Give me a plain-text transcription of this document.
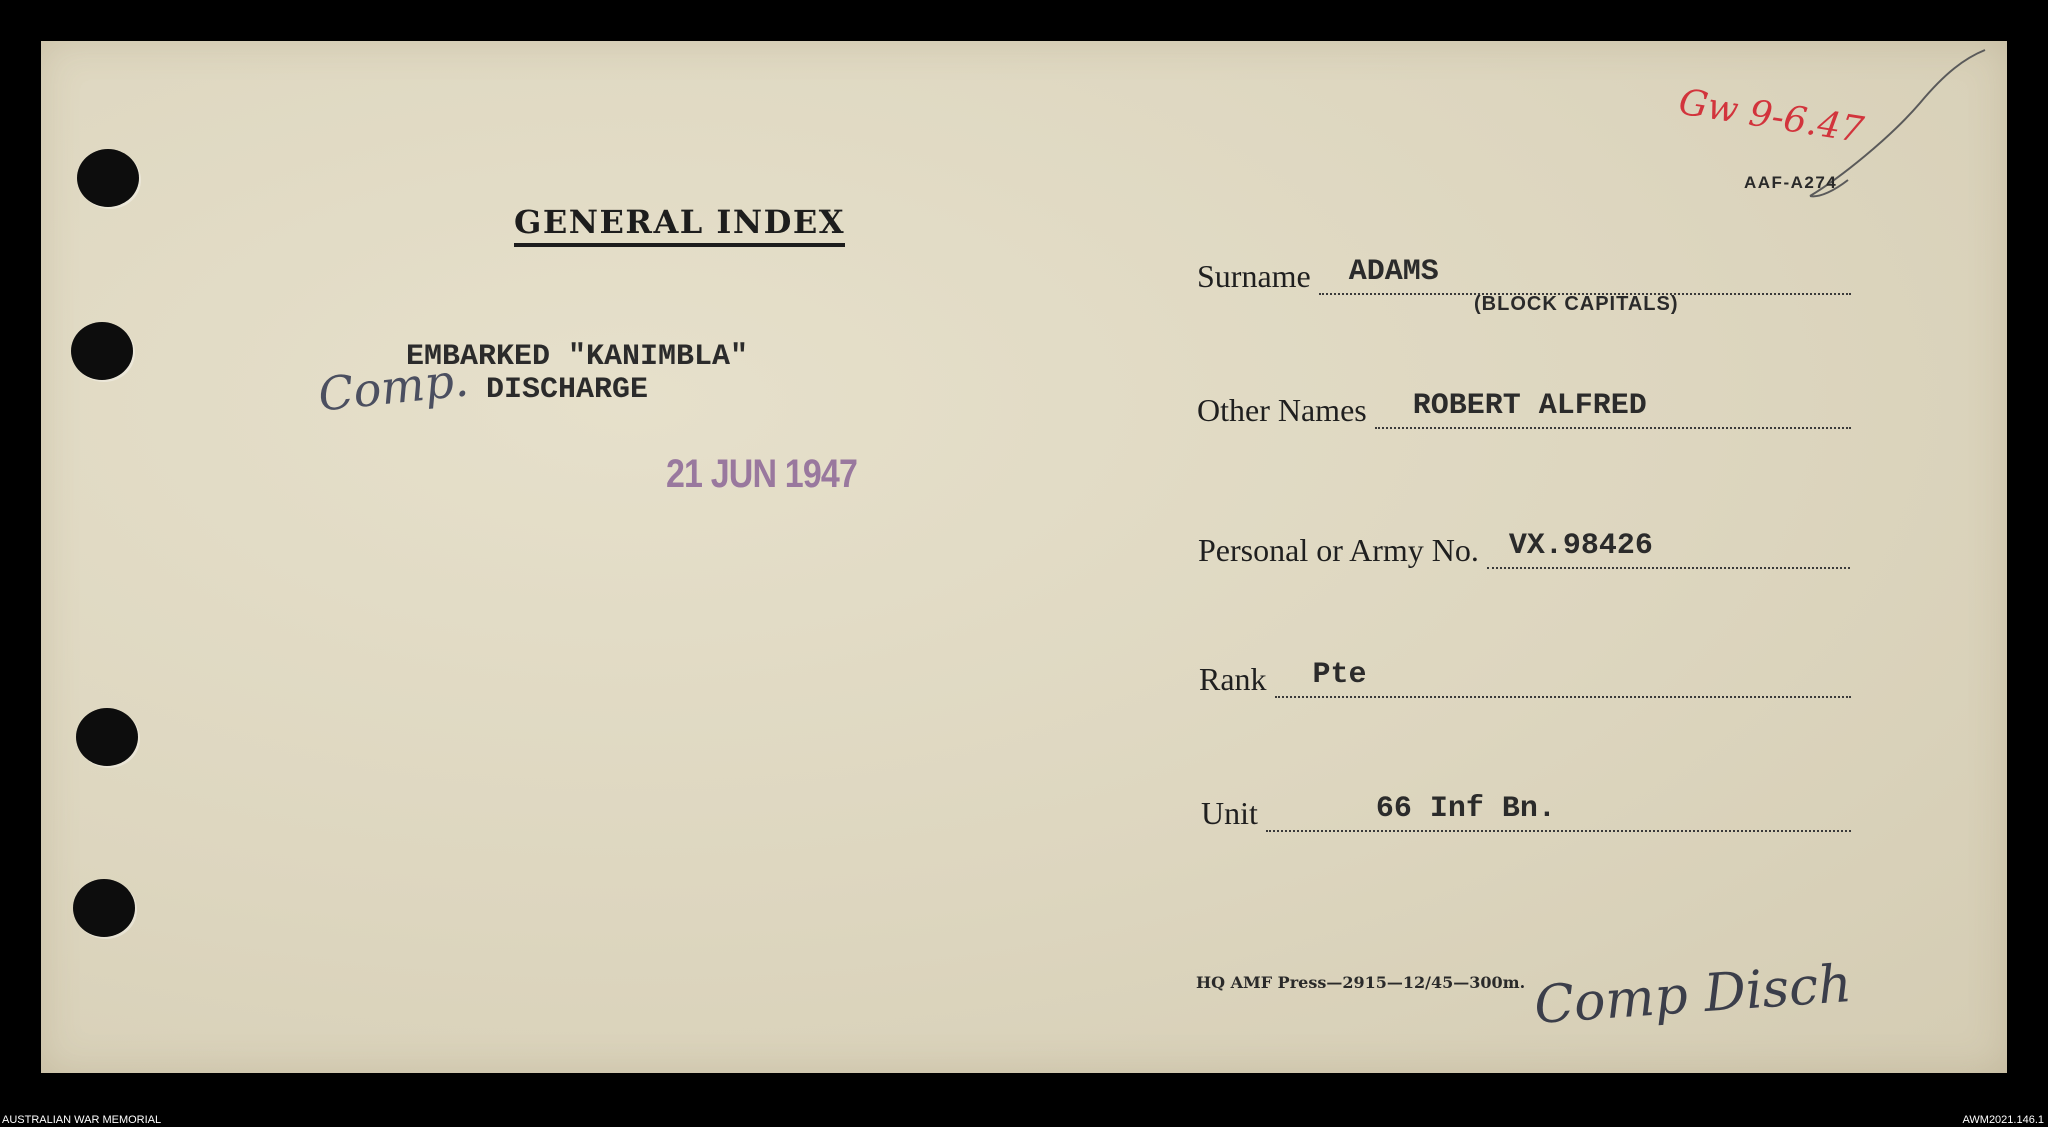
Gw 9-6.47
AAF-A274
GENERAL INDEX
EMBARKED "KANIMBLA"
Comp. DISCHARGE
21 JUN 1947
Surname ADAMS
(BLOCK CAPITALS)
Other Names ROBERT ALFRED
Personal or Army No. VX.98426
Rank Pte
Unit	66 Inf Bn.
HQ AMF Press—2915—12/45—300m. Comp Disch
AUSTRALIAN WAR MEMORIAL	AWM2021.146.1
